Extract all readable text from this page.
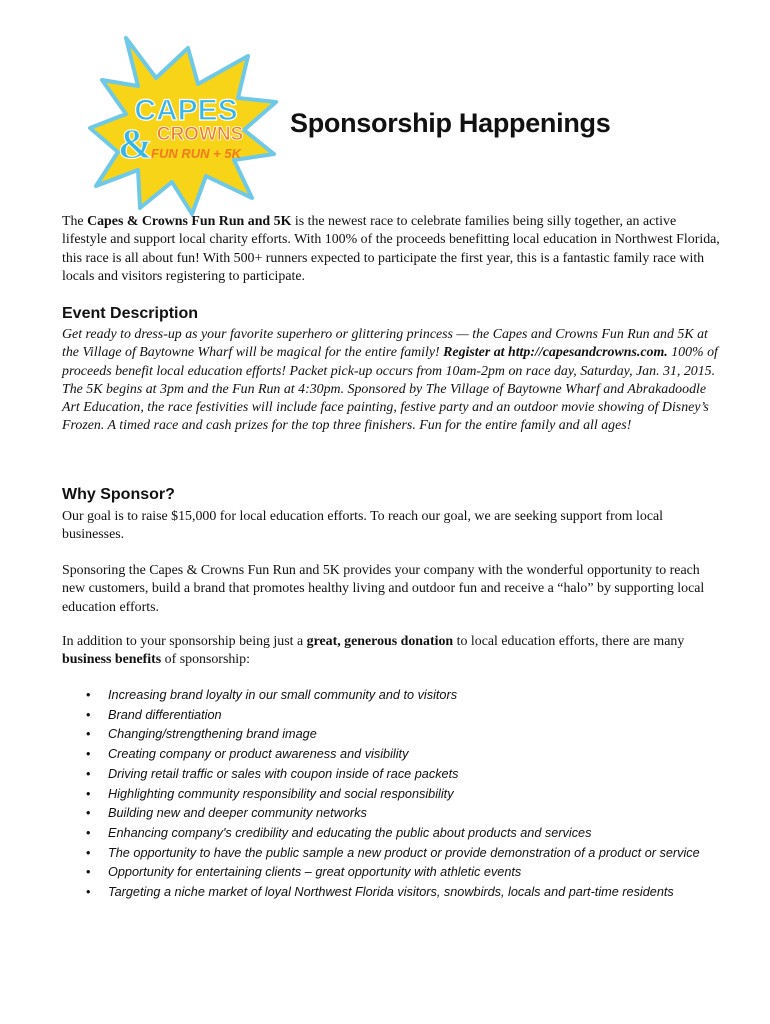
CAPES
& CROWNS
FUN RUN + 5K
Sponsorship Happenings

The Capes & Crowns Fun Run and 5K is the newest race to celebrate families being silly together, an active lifestyle and support local charity efforts. With 100% of the proceeds benefitting local education in Northwest Florida, this race is all about fun! With 500+ runners expected to participate the first year, this is a fantastic family race with locals and visitors registering to participate.

Event Description

Get ready to dress-up as your favorite superhero or glittering princess — the Capes and Crowns Fun Run and 5K at the Village of Baytowne Wharf will be magical for the entire family! Register at http://capesandcrowns.com. 100% of proceeds benefit local education efforts! Packet pick-up occurs from 10am-2pm on race day, Saturday, Jan. 31, 2015. The 5K begins at 3pm and the Fun Run at 4:30pm. Sponsored by The Village of Baytowne Wharf and Abrakadoodle Art Education, the race festivities will include face painting, festive party and an outdoor movie showing of Disney’s Frozen. A timed race and cash prizes for the top three finishers. Fun for the entire family and all ages!

Why Sponsor?

Our goal is to raise $15,000 for local education efforts. To reach our goal, we are seeking support from local businesses.

Sponsoring the Capes & Crowns Fun Run and 5K provides your company with the wonderful opportunity to reach new customers, build a brand that promotes healthy living and outdoor fun and receive a “halo” by supporting local education efforts.

In addition to your sponsorship being just a great, generous donation to local education efforts, there are many business benefits of sponsorship:

• Increasing brand loyalty in our small community and to visitors
• Brand differentiation
• Changing/strengthening brand image
• Creating company or product awareness and visibility
• Driving retail traffic or sales with coupon inside of race packets
• Highlighting community responsibility and social responsibility
• Building new and deeper community networks
• Enhancing company's credibility and educating the public about products and services
• The opportunity to have the public sample a new product or provide demonstration of a product or service
• Opportunity for entertaining clients – great opportunity with athletic events
• Targeting a niche market of loyal Northwest Florida visitors, snowbirds, locals and part-time residents
